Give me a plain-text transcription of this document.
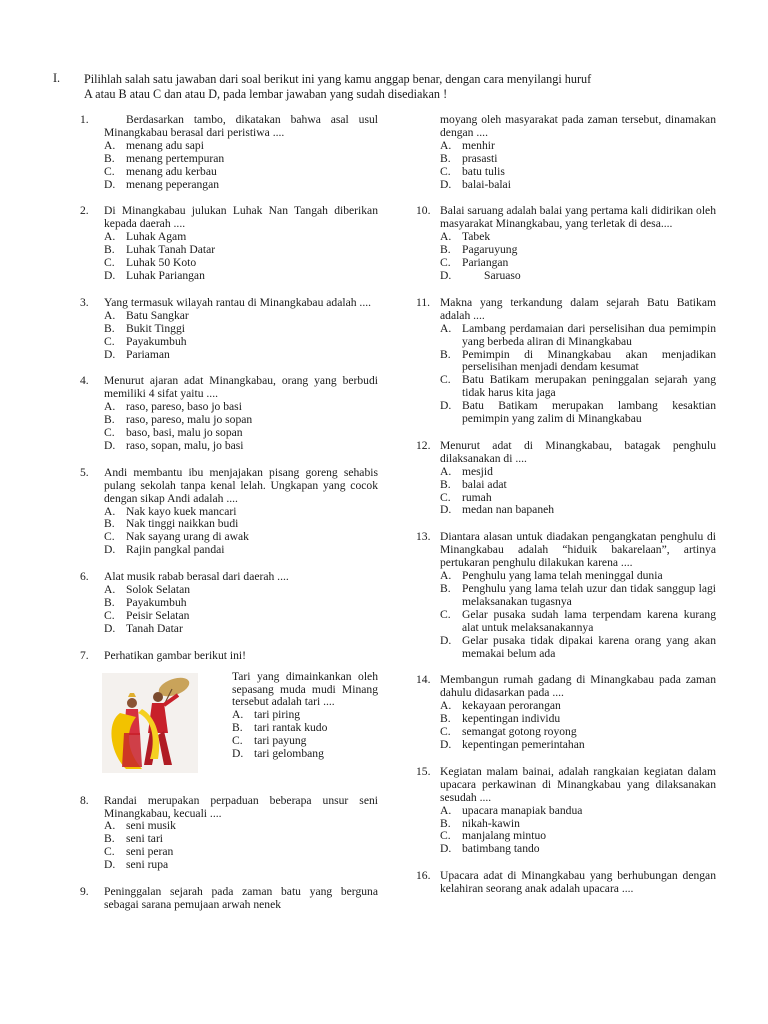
I. Pilihlah salah satu jawaban dari soal berikut ini yang kamu anggap benar, dengan cara menyilangi huruf

A atau B atau C dan atau D, pada lembar jawaban yang sudah disediakan !

1.	Berdasarkan tambo, dikatakan bahwa asal usul Minangkabau berasal dari peristiwa ....
A. menang adu sapi
B. menang pertempuran
C. menang adu kerbau
D. menang peperangan
2.	Di Minangkabau julukan Luhak Nan Tangah diberikan kepada daerah ....
A. Luhak Agam
B. Luhak Tanah Datar
C. Luhak 50 Koto
D. Luhak Pariangan
3.	Yang termasuk wilayah rantau di Minangkabau adalah ....
A. Batu Sangkar
B. Bukit Tinggi
C. Payakumbuh
D. Pariaman
4.	Menurut ajaran adat Minangkabau, orang yang berbudi memiliki 4 sifat yaitu ....
A. raso, pareso, baso jo basi
B. raso, pareso, malu jo sopan
C. baso, basi, malu jo sopan
D. raso, sopan, malu, jo basi
5.	Andi membantu ibu menjajakan pisang goreng sehabis pulang sekolah tanpa kenal lelah. Ungkapan yang cocok dengan sikap Andi adalah ....
A. Nak kayo kuek mancari
B. Nak tinggi naikkan budi
C. Nak sayang urang di awak
D. Rajin pangkal pandai
6.	Alat musik rabab berasal dari daerah ....
A. Solok Selatan
B. Payakumbuh
C. Peisir Selatan
D. Tanah Datar
7.	Perhatikan gambar berikut ini!
Tari yang dimainkankan oleh sepasang muda mudi Minang tersebut adalah tari ....
A. tari piring
B. tari rantak kudo
C. tari payung
D. tari gelombang
8.	Randai merupakan perpaduan beberapa unsur seni Minangkabau, kecuali ....
A. seni musik
B. seni tari
C. seni peran
D. seni rupa
9.	Peninggalan sejarah pada zaman batu yang berguna sebagai sarana pemujaan arwah nenek
moyang oleh masyarakat pada zaman tersebut, dinamakan dengan ....
A. menhir
B. prasasti
C. batu tulis
D. balai-balai
10. Balai saruang adalah balai yang pertama kali didirikan oleh masyarakat Minangkabau, yang terletak di desa....
A. Tabek
B. Pagaruyung
C. Pariangan
D.	Saruaso
11. Makna yang terkandung dalam sejarah Batu Batikam adalah ....
A. Lambang perdamaian dari perselisihan dua pemimpin yang berbeda aliran di Minangkabau
B. Pemimpin di Minangkabau akan menjadikan perselisihan menjadi dendam kesumat
C. Batu Batikam merupakan peninggalan sejarah yang tidak harus kita jaga
D. Batu Batikam merupakan lambang kesaktian pemimpin yang zalim di Minangkabau
12. Menurut adat di Minangkabau, batagak penghulu dilaksanakan di ....
A. mesjid
B. balai adat
C. rumah
D. medan nan bapaneh
13. Diantara alasan untuk diadakan pengangkatan penghulu di Minangkabau adalah “hiduik bakarelaan”, artinya pertukaran penghulu dilakukan karena ....
A. Penghulu yang lama telah meninggal dunia
B. Penghulu yang lama telah uzur dan tidak sanggup lagi melaksanakan tugasnya
C. Gelar pusaka sudah lama terpendam karena kurang alat untuk melaksanakannya
D. Gelar pusaka tidak dipakai karena orang yang akan memakai belum ada
14. Membangun rumah gadang di Minangkabau pada zaman dahulu didasarkan pada ....
A. kekayaan perorangan
B. kepentingan individu
C. semangat gotong royong
D. kepentingan pemerintahan
15. Kegiatan malam bainai, adalah rangkaian kegiatan dalam upacara perkawinan di Minangkabau yang dilaksanakan sesudah ....
A. upacara manapiak bandua
B. nikah-kawin
C. manjalang mintuo
D. batimbang tando
16. Upacara adat di Minangkabau yang berhubungan dengan kelahiran seorang anak adalah upacara ....
